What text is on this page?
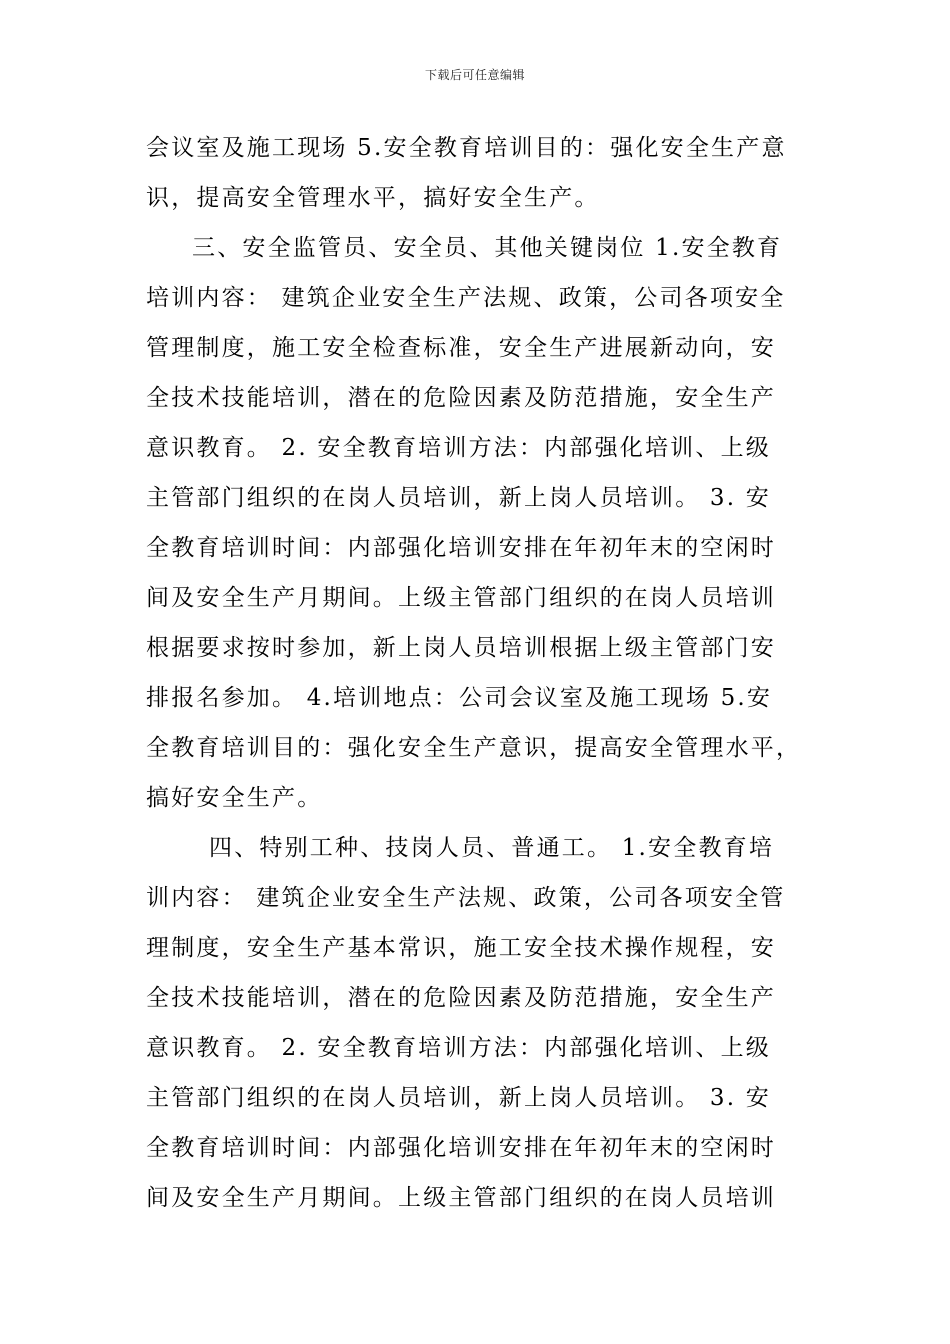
下载后可任意编辑
会议室及施工现场 5.安全教育培训目的：强化安全生产意
识，提高安全管理水平，搞好安全生产。
三、安全监管员、安全员、其他关键岗位 1.安全教育
培训内容： 建筑企业安全生产法规、政策，公司各项安全
管理制度，施工安全检查标准，安全生产进展新动向，安
全技术技能培训，潜在的危险因素及防范措施，安全生产
意识教育。 2. 安全教育培训方法：内部强化培训、上级
主管部门组织的在岗人员培训，新上岗人员培训。 3. 安
全教育培训时间：内部强化培训安排在年初年末的空闲时
间及安全生产月期间。上级主管部门组织的在岗人员培训
根据要求按时参加，新上岗人员培训根据上级主管部门安
排报名参加。 4.培训地点：公司会议室及施工现场 5.安
全教育培训目的：强化安全生产意识，提高安全管理水平，
搞好安全生产。
四、特别工种、技岗人员、普通工。 1.安全教育培
训内容： 建筑企业安全生产法规、政策，公司各项安全管
理制度，安全生产基本常识，施工安全技术操作规程，安
全技术技能培训，潜在的危险因素及防范措施，安全生产
意识教育。 2. 安全教育培训方法：内部强化培训、上级
主管部门组织的在岗人员培训，新上岗人员培训。 3. 安
全教育培训时间：内部强化培训安排在年初年末的空闲时
间及安全生产月期间。上级主管部门组织的在岗人员培训
